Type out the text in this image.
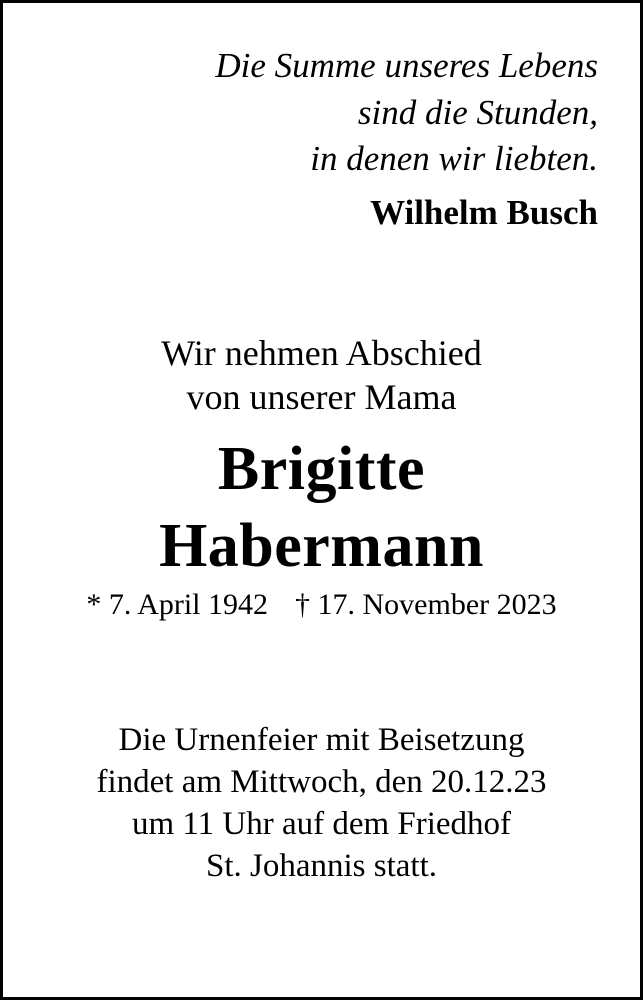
Die Summe unseres Lebens
sind die Stunden,
in denen wir liebten.
Wilhelm Busch
Wir nehmen Abschied
von unserer Mama
Brigitte
Habermann
* 7. April 1942 † 17. November 2023
Die Urnenfeier mit Beisetzung
findet am Mittwoch, den 20.12.23
um 11 Uhr auf dem Friedhof
St. Johannis statt.
